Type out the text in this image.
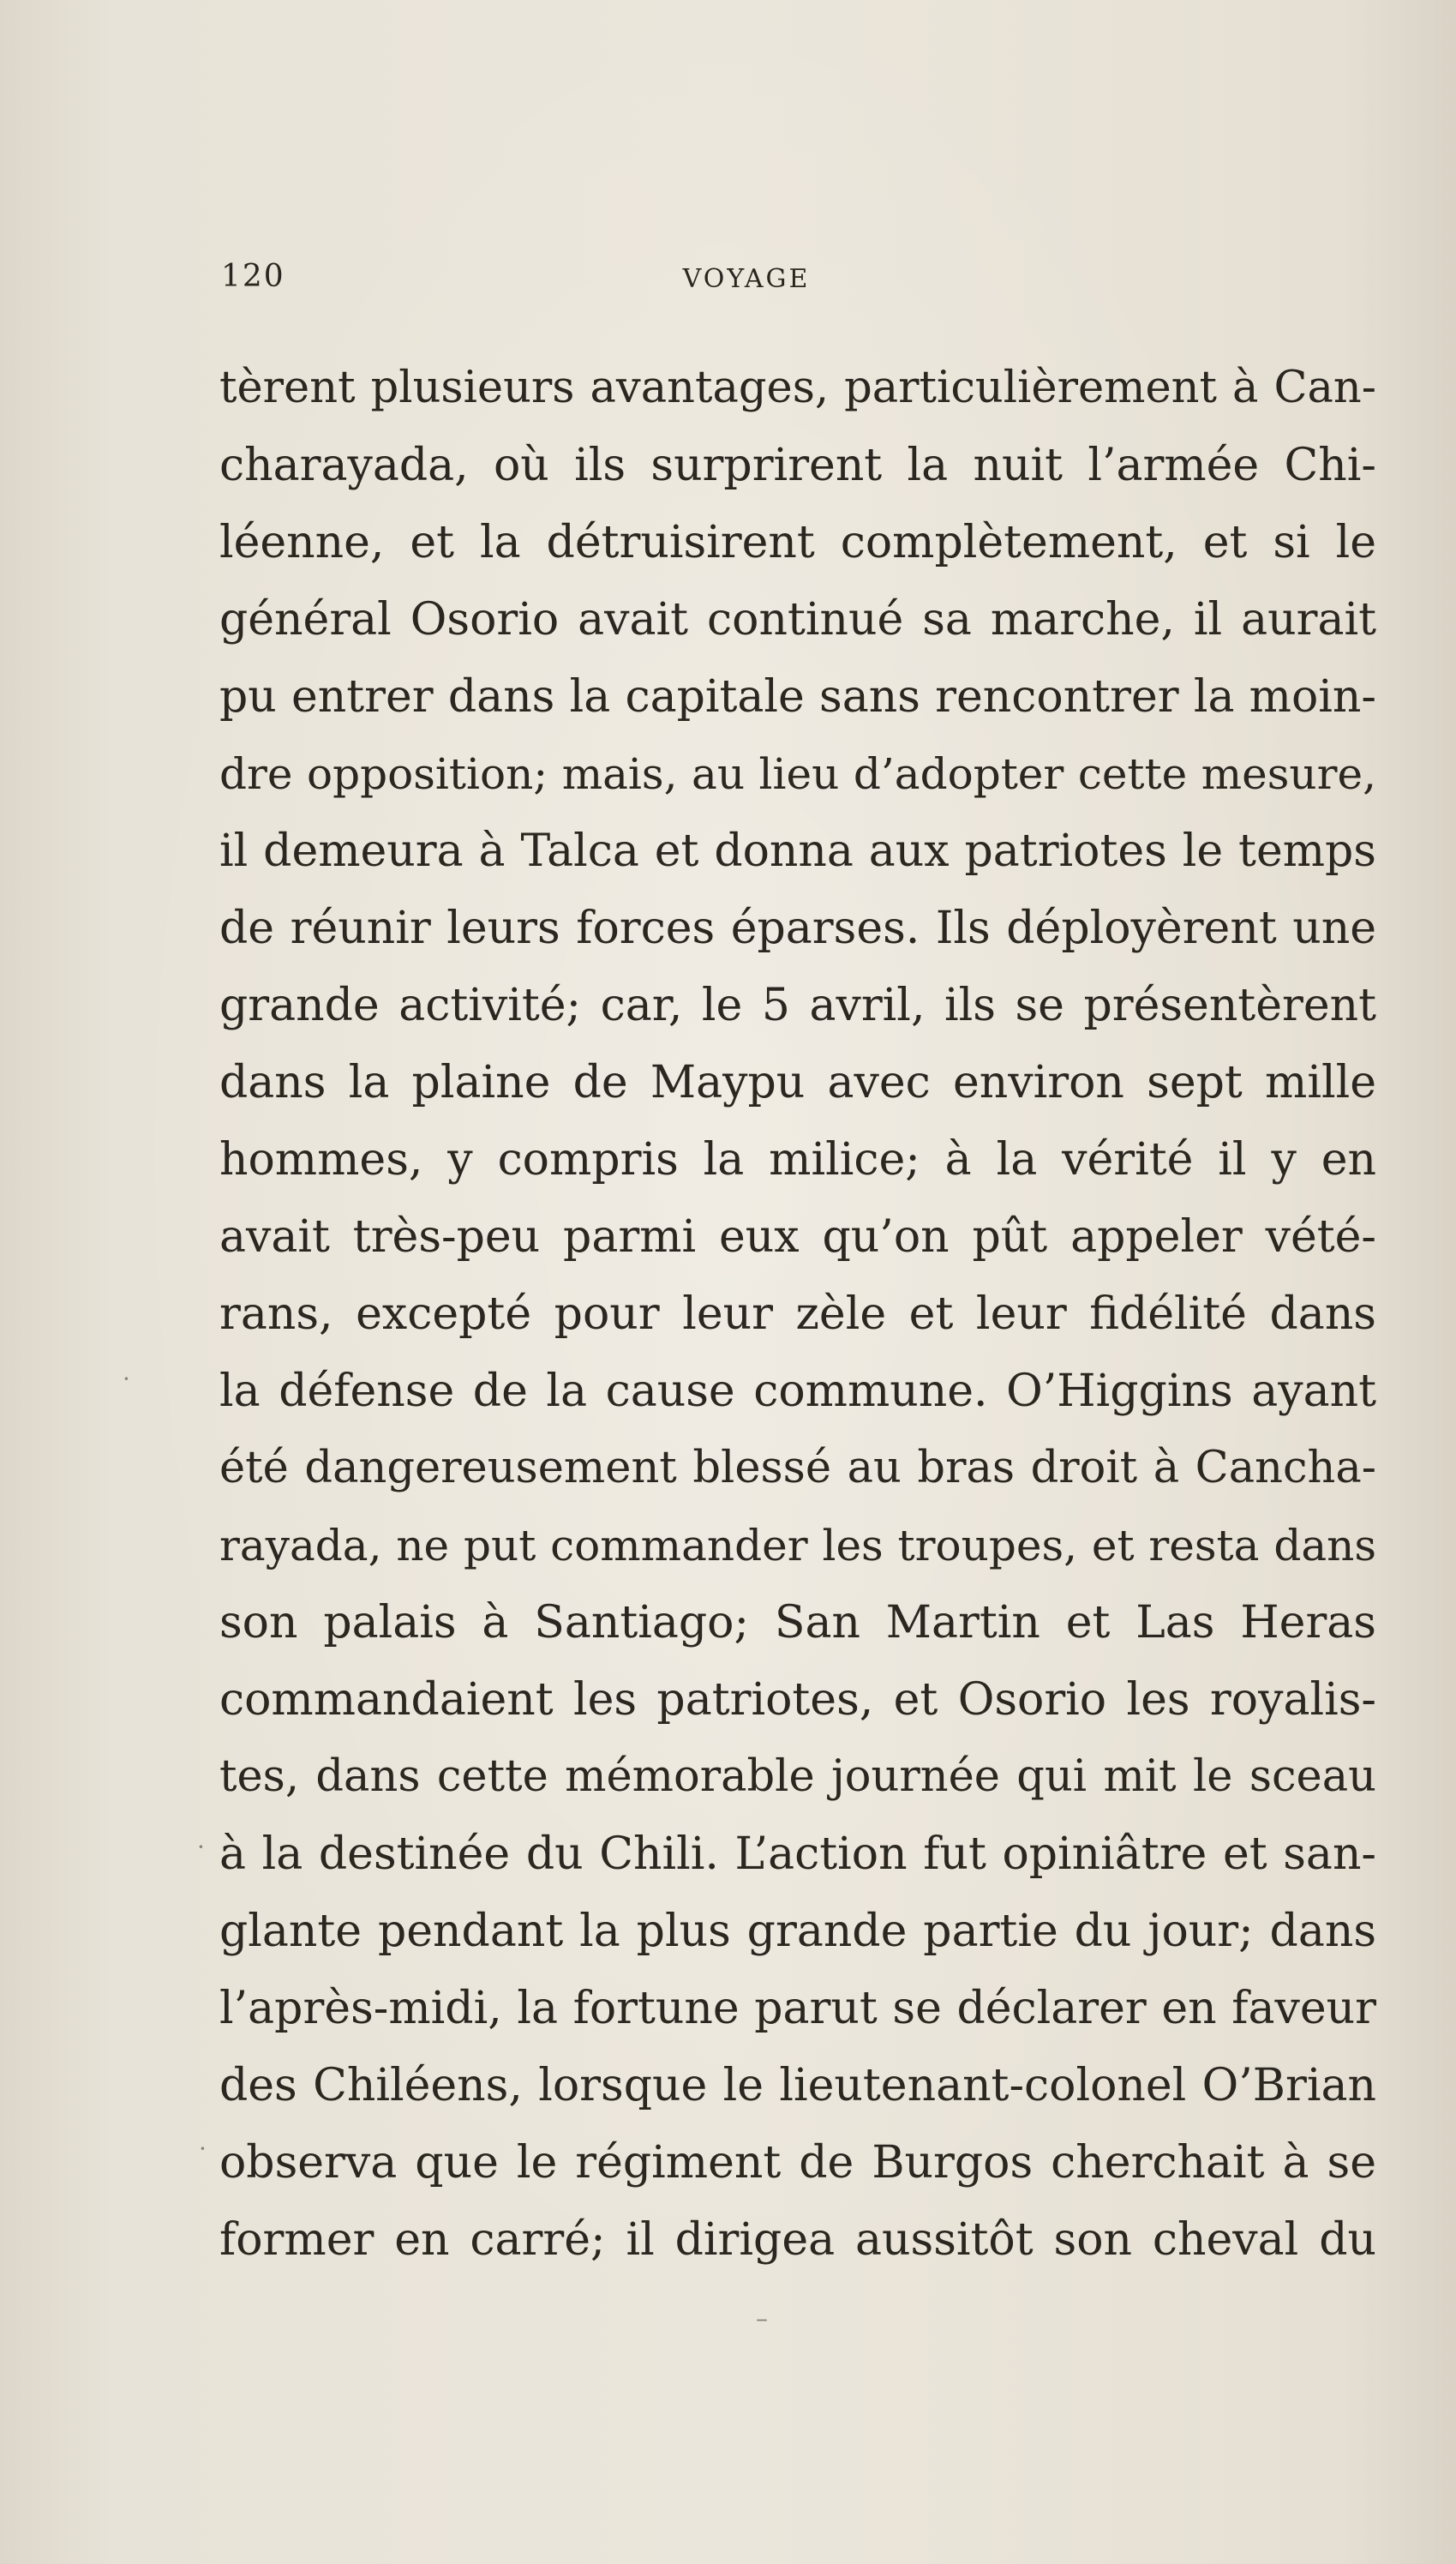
120	VOYAGE
tèrent plusieurs avantages, particulièrement à Can-
charayada, où ils surprirent la nuit l’armée Chi-
léenne, et la détruisirent complètement, et si le
général Osorio avait continué sa marche, il aurait
pu entrer dans la capitale sans rencontrer la moin-
dre opposition; mais, au lieu d’adopter cette mesure,
il demeura à Talca et donna aux patriotes le temps
de réunir leurs forces éparses. Ils déployèrent une
grande activité; car, le 5 avril, ils se présentèrent
dans la plaine de Maypu avec environ sept mille
hommes, y compris la milice; à la vérité il y en
avait très-peu parmi eux qu’on pût appeler vété-
rans, excepté pour leur zèle et leur fidélité dans
la défense de la cause commune. O’Higgins ayant
été dangereusement blessé au bras droit à Cancha-
rayada, ne put commander les troupes, et resta dans
son palais à Santiago; San Martin et Las Heras
commandaient les patriotes, et Osorio les royalis-
tes, dans cette mémorable journée qui mit le sceau
à la destinée du Chili. L’action fut opiniâtre et san-
glante pendant la plus grande partie du jour; dans
l’après-midi, la fortune parut se déclarer en faveur
des Chiléens, lorsque le lieutenant-colonel O’Brian
observa que le régiment de Burgos cherchait à se
former en carré; il dirigea aussitôt son cheval du
·
·
·
–
